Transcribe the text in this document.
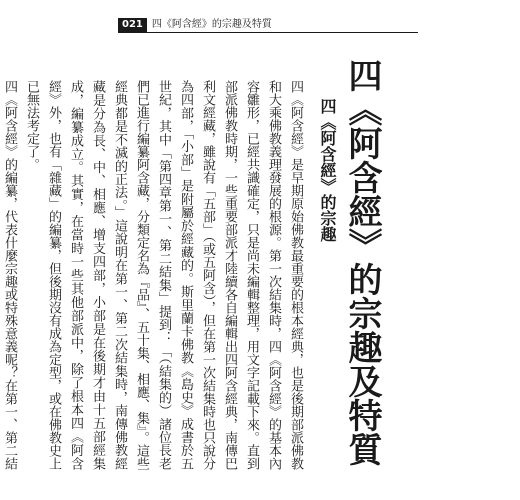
021 四《阿含經》的宗趣及特質
四《阿含經》的宗趣及特質
四《阿含經》的宗趣

四《阿含經》是早期原始佛教最重要的根本經典，也是後期部派佛教和大乘佛教義理發展的根源。第一次結集時，四《阿含經》的基本內容雛形，已經共識確定，只是尚未編輯整理，用文字記載下來。直到部派佛教時期，一些重要部派才陸續各自編輯出四阿含經典，南傳巴利文經藏，雖說有「五部」（或五阿含），但在第一次結集時也只說分為四部，「小部」是附屬於經藏的。斯里蘭卡佛教《島史》成書於五世紀，其中「第四章第一、第二結集」提到：「（結集的）諸位長老們已進行編纂阿含藏，分類定名為『品』、五十集、相應、集』。這些經典都是不滅的正法。」這說明在第一、第二次結集時，南傳佛教經藏是分為長、中、相應、增支四部，小部是在後期才由十五部經集成，編纂成立。其實，在當時一些其他部派中，除了根本四《阿含經》外，也有「雜藏」的編纂，但後期沒有成為定型，或在佛教史上已無法考定了。

四《阿含經》的編纂，代表什麼宗趣或特殊意義呢？在第一、第二結
